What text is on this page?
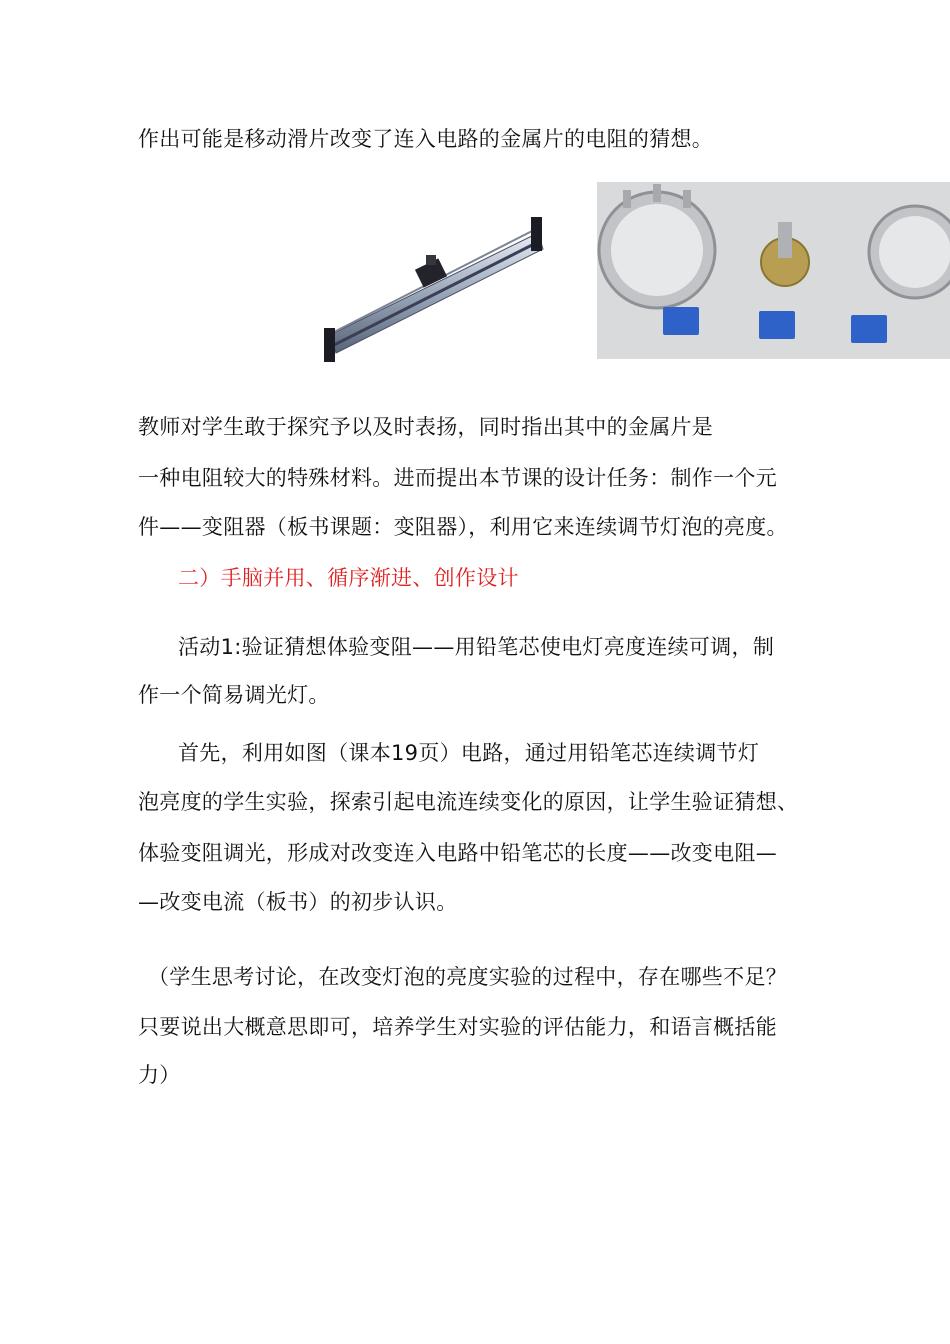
作出可能是移动滑片改变了连入电路的金属片的电阻的猜想。

教师对学生敢于探究予以及时表扬，同时指出其中的金属片是

一种电阻较大的特殊材料。进而提出本节课的设计任务：制作一个元

件——变阻器（板书课题：变阻器），利用它来连续调节灯泡的亮度。

二）手脑并用、循序渐进、创作设计

活动1:验证猜想体验变阻——用铅笔芯使电灯亮度连续可调，制

作一个简易调光灯。

首先，利用如图（课本19页）电路，通过用铅笔芯连续调节灯

泡亮度的学生实验，探索引起电流连续变化的原因，让学生验证猜想、

体验变阻调光，形成对改变连入电路中铅笔芯的长度——改变电阻—

—改变电流（板书）的初步认识。

（学生思考讨论，在改变灯泡的亮度实验的过程中，存在哪些不足？

只要说出大概意思即可，培养学生对实验的评估能力，和语言概括能

力）
